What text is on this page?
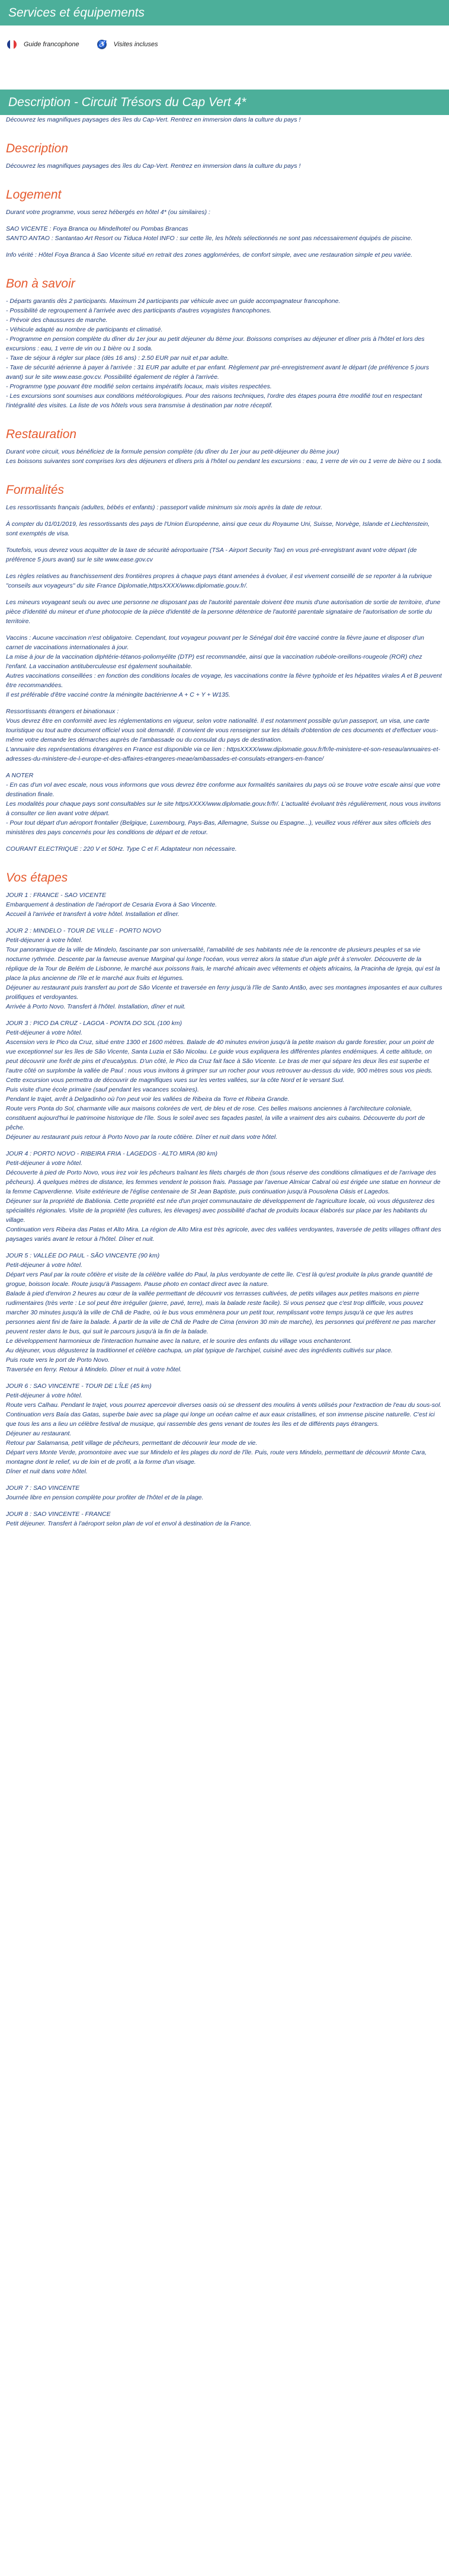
Services et équipements
Guide francophone	♿ Visites incluses
Description - Circuit Trésors du Cap Vert 4*

Découvrez les magnifiques paysages des îles du Cap-Vert. Rentrez en immersion dans la culture du pays !

Description

Découvrez les magnifiques paysages des îles du Cap-Vert. Rentrez en immersion dans la culture du pays !

Logement

Durant votre programme, vous serez hébergés en hôtel 4* (ou similaires) :

SAO VICENTE : Foya Branca ou Mindelhotel ou Pombas Brancas
SANTO ANTAO : Santantao Art Resort ou Tiduca Hotel INFO : sur cette île, les hôtels sélectionnés ne sont pas nécessairement équipés de piscine.

Info vérité : Hôtel Foya Branca à Sao Vicente situé en retrait des zones agglomérées, de confort simple, avec une restauration simple et peu variée.

Bon à savoir

- Départs garantis dès 2 participants. Maximum 24 participants par véhicule avec un guide accompagnateur francophone.
- Possibilité de regroupement à l'arrivée avec des participants d'autres voyagistes francophones.
- Prévoir des chaussures de marche.
- Véhicule adapté au nombre de participants et climatisé.
- Programme en pension complète du dîner du 1er jour au petit déjeuner du 8ème jour. Boissons comprises au déjeuner et dîner pris à l'hôtel et lors des excursions : eau, 1 verre de vin ou 1 bière ou 1 soda.
- Taxe de séjour à régler sur place (dès 16 ans) : 2.50 EUR par nuit et par adulte.
- Taxe de sécurité aérienne à payer à l'arrivée : 31 EUR par adulte et par enfant. Règlement par pré-enregistrement avant le départ (de préférence 5 jours avant) sur le site www.ease.gov.cv. Possibilité également de régler à l'arrivée.
- Programme type pouvant être modifié selon certains impératifs locaux, mais visites respectées.
- Les excursions sont soumises aux conditions météorologiques. Pour des raisons techniques, l'ordre des étapes pourra être modifié tout en respectant l'intégralité des visites. La liste de vos hôtels vous sera transmise à destination par notre réceptif.

Restauration

Durant votre circuit, vous bénéficiez de la formule pension complète (du dîner du 1er jour au petit-déjeuner du 8ème jour)
Les boissons suivantes sont comprises lors des déjeuners et dîners pris à l'hôtel ou pendant les excursions : eau, 1 verre de vin ou 1 verre de bière ou 1 soda.

Formalités

Les ressortissants français (adultes, bébés et enfants) : passeport valide minimum six mois après la date de retour.

À compter du 01/01/2019, les ressortissants des pays de l'Union Européenne, ainsi que ceux du Royaume Uni, Suisse, Norvège, Islande et Liechtenstein, sont exemptés de visa.

Toutefois, vous devrez vous acquitter de la taxe de sécurité aéroportuaire (TSA - Airport Security Tax) en vous pré-enregistrant avant votre départ (de préférence 5 jours avant) sur le site www.ease.gov.cv

Les règles relatives au franchissement des frontières propres à chaque pays étant amenées à évoluer, il est vivement conseillé de se reporter à la rubrique "conseils aux voyageurs" du site France Diplomatie,httpsXXXX/www.diplomatie.gouv.fr/.

Les mineurs voyageant seuls ou avec une personne ne disposant pas de l'autorité parentale doivent être munis d'une autorisation de sortie de territoire, d'une pièce d'identité du mineur et d'une photocopie de la pièce d'identité de la personne détentrice de l'autorité parentale signataire de l'autorisation de sortie du territoire.

Vaccins : Aucune vaccination n'est obligatoire. Cependant, tout voyageur pouvant per le Sénégal doit être vacciné contre la fièvre jaune et disposer d'un carnet de vaccinations internationales à jour.
La mise à jour de la vaccination diphtérie-tétanos-poliomyélite (DTP) est recommandée, ainsi que la vaccination rubéole-oreillons-rougeole (ROR) chez l'enfant. La vaccination antituberculeuse est également souhaitable.
Autres vaccinations conseillées : en fonction des conditions locales de voyage, les vaccinations contre la fièvre typhoïde et les hépatites virales A et B peuvent être recommandées.
Il est préférable d'être vacciné contre la méningite bactérienne A + C + Y + W135.

Ressortissants étrangers et binationaux :
Vous devrez être en conformité avec les réglementations en vigueur, selon votre nationalité. Il est notamment possible qu'un passeport, un visa, une carte touristique ou tout autre document officiel vous soit demandé. Il convient de vous renseigner sur les détails d'obtention de ces documents et d'effectuer vous-même votre demande les démarches auprès de l'ambassade ou du consulat du pays de destination.
L'annuaire des représentations étrangères en France est disponible via ce lien : httpsXXXX/www.diplomatie.gouv.fr/fr/le-ministere-et-son-reseau/annuaires-et-adresses-du-ministere-de-l-europe-et-des-affaires-etrangeres-meae/ambassades-et-consulats-etrangers-en-france/

A NOTER
- En cas d'un vol avec escale, nous vous informons que vous devrez être conforme aux formalités sanitaires du pays où se trouve votre escale ainsi que votre destination finale.
Les modalités pour chaque pays sont consultables sur le site httpsXXXX/www.diplomatie.gouv.fr/fr/. L'actualité évoluant très régulièrement, nous vous invitons à consulter ce lien avant votre départ.
- Pour tout départ d'un aéroport frontalier (Belgique, Luxembourg, Pays-Bas, Allemagne, Suisse ou Espagne...), veuillez vous référer aux sites officiels des ministères des pays concernés pour les conditions de départ et de retour.

COURANT ELECTRIQUE : 220 V et 50Hz. Type C et F. Adaptateur non nécessaire.

Vos étapes

JOUR 1 : FRANCE - SAO VICENTE
Embarquement à destination de l'aéroport de Cesaria Evora à Sao Vincente.
Accueil à l'arrivée et transfert à votre hôtel. Installation et dîner.

JOUR 2 : MINDELO - TOUR DE VILLE - PORTO NOVO
Petit-déjeuner à votre hôtel.
Tour panoramique de la ville de Mindelo, fascinante par son universalité, l'amabilité de ses habitants née de la rencontre de plusieurs peuples et sa vie nocturne rythmée. Descente par la fameuse avenue Marginal qui longe l'océan, vous verrez alors la statue d'un aigle prêt à s'envoler. Découverte de la réplique de la Tour de Belém de Lisbonne, le marché aux poissons frais, le marché africain avec vêtements et objets africains, la Pracinha de Igreja, qui est la place la plus ancienne de l'île et le marché aux fruits et légumes.
Déjeuner au restaurant puis transfert au port de São Vicente et traversée en ferry jusqu'à l'île de Santo Antão, avec ses montagnes imposantes et aux cultures prolifiques et verdoyantes.
Arrivée à Porto Novo. Transfert à l'hôtel. Installation, dîner et nuit.

JOUR 3 : PICO DA CRUZ - LAGOA - PONTA DO SOL (100 km)
Petit-déjeuner à votre hôtel.
Ascension vers le Pico da Cruz, situé entre 1300 et 1600 mètres. Balade de 40 minutes environ jusqu'à la petite maison du garde forestier, pour un point de vue exceptionnel sur les îles de São Vicente, Santa Luzia et São Nicolau. Le guide vous expliquera les différentes plantes endémiques. À cette altitude, on peut découvrir une forêt de pins et d'eucalyptus. D'un côté, le Pico da Cruz fait face à São Vicente. Le bras de mer qui sépare les deux îles est superbe et l'autre côté on surplombe la vallée de Paul : nous vous invitons à grimper sur un rocher pour vous retrouver au-dessus du vide, 900 mètres sous vos pieds.
Cette excursion vous permettra de découvrir de magnifiques vues sur les vertes vallées, sur la côte Nord et le versant Sud.
Puis visite d'une école primaire (sauf pendant les vacances scolaires).
Pendant le trajet, arrêt à Delgadinho où l'on peut voir les vallées de Ribeira da Torre et Ribeira Grande.
Route vers Ponta do Sol, charmante ville aux maisons colorées de vert, de bleu et de rose. Ces belles maisons anciennes à l'architecture coloniale, constituent aujourd'hui le patrimoine historique de l'île. Sous le soleil avec ses façades pastel, la ville a vraiment des airs cubains. Découverte du port de pêche.
Déjeuner au restaurant puis retour à Porto Novo par la route côtière. Dîner et nuit dans votre hôtel.

JOUR 4 : PORTO NOVO - RIBEIRA FRIA - LAGEDOS - ALTO MIRA (80 km)
Petit-déjeuner à votre hôtel.
Découverte à pied de Porto Novo, vous irez voir les pêcheurs traînant les filets chargés de thon (sous réserve des conditions climatiques et de l'arrivage des pêcheurs). À quelques mètres de distance, les femmes vendent le poisson frais. Passage par l'avenue Almicar Cabral où est érigée une statue en honneur de la femme Capverdienne. Visite extérieure de l'église centenaire de St Jean Baptiste, puis continuation jusqu'à Pousolena Oásis et Lagedos.
Déjeuner sur la propriété de Bablionia. Cette propriété est née d'un projet communautaire de développement de l'agriculture locale, où vous dégusterez des spécialités régionales. Visite de la propriété (les cultures, les élevages) avec possibilité d'achat de produits locaux élaborés sur place par les habitants du village.
Continuation vers Ribeira das Patas et Alto Mira. La région de Alto Mira est très agricole, avec des vallées verdoyantes, traversée de petits villages offrant des paysages variés avant le retour à l'hôtel. Dîner et nuit.

JOUR 5 : VALLÉE DO PAUL - SÃO VINCENTE (90 km)
Petit-déjeuner à votre hôtel.
Départ vers Paul par la route côtière et visite de la célèbre vallée do Paul, la plus verdoyante de cette île. C'est là qu'est produite la plus grande quantité de grogue, boisson locale. Route jusqu'à Passagem. Pause photo en contact direct avec la nature.
Balade à pied d'environ 2 heures au cœur de la vallée permettant de découvrir vos terrasses cultivées, de petits villages aux petites maisons en pierre rudimentaires (très verte : Le sol peut être irrégulier (pierre, pavé, terre), mais la balade reste facile). Si vous pensez que c'est trop difficile, vous pouvez marcher 30 minutes jusqu'à la ville de Chã de Padre, où le bus vous emmènera pour un petit tour, remplissant votre temps jusqu'à ce que les autres personnes aient fini de faire la balade. À partir de la ville de Chã de Padre de Cima (environ 30 min de marche), les personnes qui préfèrent ne pas marcher peuvent rester dans le bus, qui suit le parcours jusqu'à la fin de la balade.
Le développement harmonieux de l'interaction humaine avec la nature, et le sourire des enfants du village vous enchanteront.
Au déjeuner, vous dégusterez la traditionnel et célèbre cachupa, un plat typique de l'archipel, cuisiné avec des ingrédients cultivés sur place.
Puis route vers le port de Porto Novo.
Traversée en ferry. Retour à Mindelo. Dîner et nuit à votre hôtel.

JOUR 6 : SAO VINCENTE - TOUR DE L'ÎLE (45 km)
Petit-déjeuner à votre hôtel.
Route vers Calhau. Pendant le trajet, vous pourrez apercevoir diverses oasis où se dressent des moulins à vents utilisés pour l'extraction de l'eau du sous-sol.
Continuation vers Baía das Gatas, superbe baie avec sa plage qui longe un océan calme et aux eaux cristallines, et son immense piscine naturelle. C'est ici que tous les ans a lieu un célèbre festival de musique, qui rassemble des gens venant de toutes les îles et de différents pays étrangers.
Déjeuner au restaurant.
Retour par Salamansa, petit village de pêcheurs, permettant de découvrir leur mode de vie.
Départ vers Monte Verde, promontoire avec vue sur Mindelo et les plages du nord de l'île. Puis, route vers Mindelo, permettant de découvrir Monte Cara, montagne dont le relief, vu de loin et de profil, a la forme d'un visage.
Dîner et nuit dans votre hôtel.

JOUR 7 : SAO VINCENTE
Journée libre en pension complète pour profiter de l'hôtel et de la plage.

JOUR 8 : SAO VINCENTE - FRANCE
Petit déjeuner. Transfert à l'aéroport selon plan de vol et envol à destination de la France.
